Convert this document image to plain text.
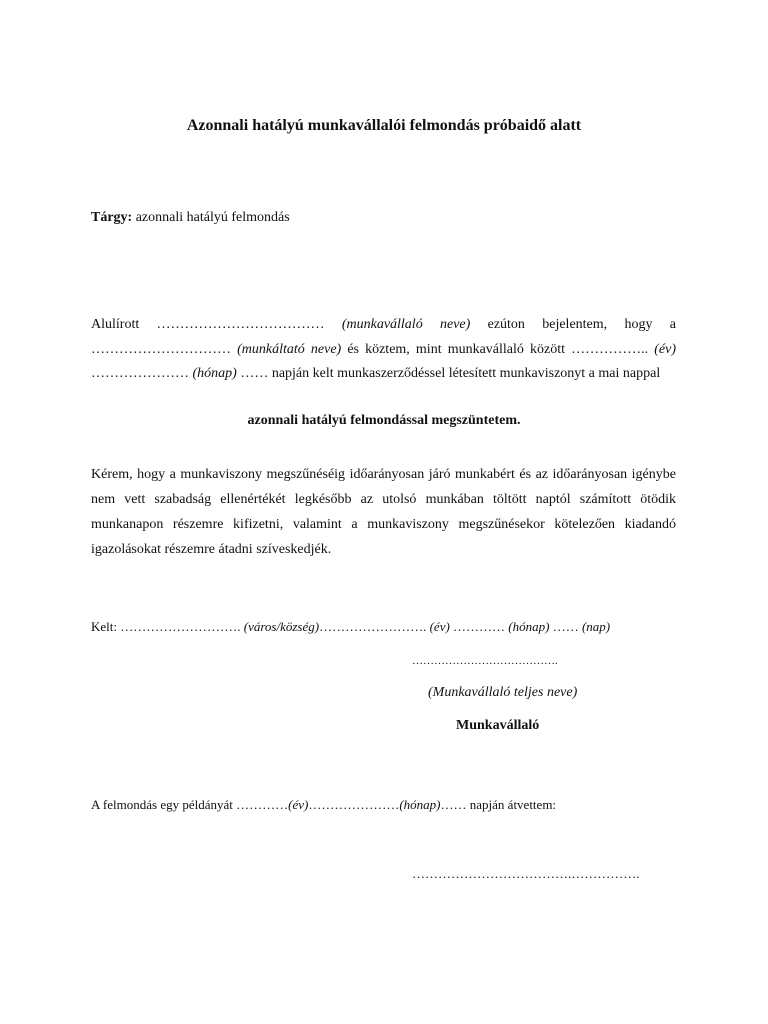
Azonnali hatályú munkavállalói felmondás próbaidő alatt
Tárgy: azonnali hatályú felmondás
Alulírott ……………………………… (munkavállaló neve) ezúton bejelentem, hogy a ………………………… (munkáltató neve) és köztem, mint munkavállaló között …………….. (év) ………………… (hónap) …… napján kelt munkaszerződéssel létesített munkaviszonyt a mai nappal
azonnali hatályú felmondással megszüntetem.
Kérem, hogy a munkaviszony megszűnéséig időarányosan járó munkabért és az időarányosan igénybe nem vett szabadság ellenértékét legkésőbb az utolsó munkában töltött naptól számított ötödik munkanapon részemre kifizetni, valamint a munkaviszony megszűnésekor kötelezően kiadandó igazolásokat részemre átadni szíveskedjék.
Kelt: ………………………. (város/község)……………………. (év) ………… (hónap) …… (nap)
………………………………….
(Munkavállaló teljes neve)
Munkavállaló
A felmondás egy példányát …………(év)…………………(hónap)…… napján átvettem:
……………………………….…………….
